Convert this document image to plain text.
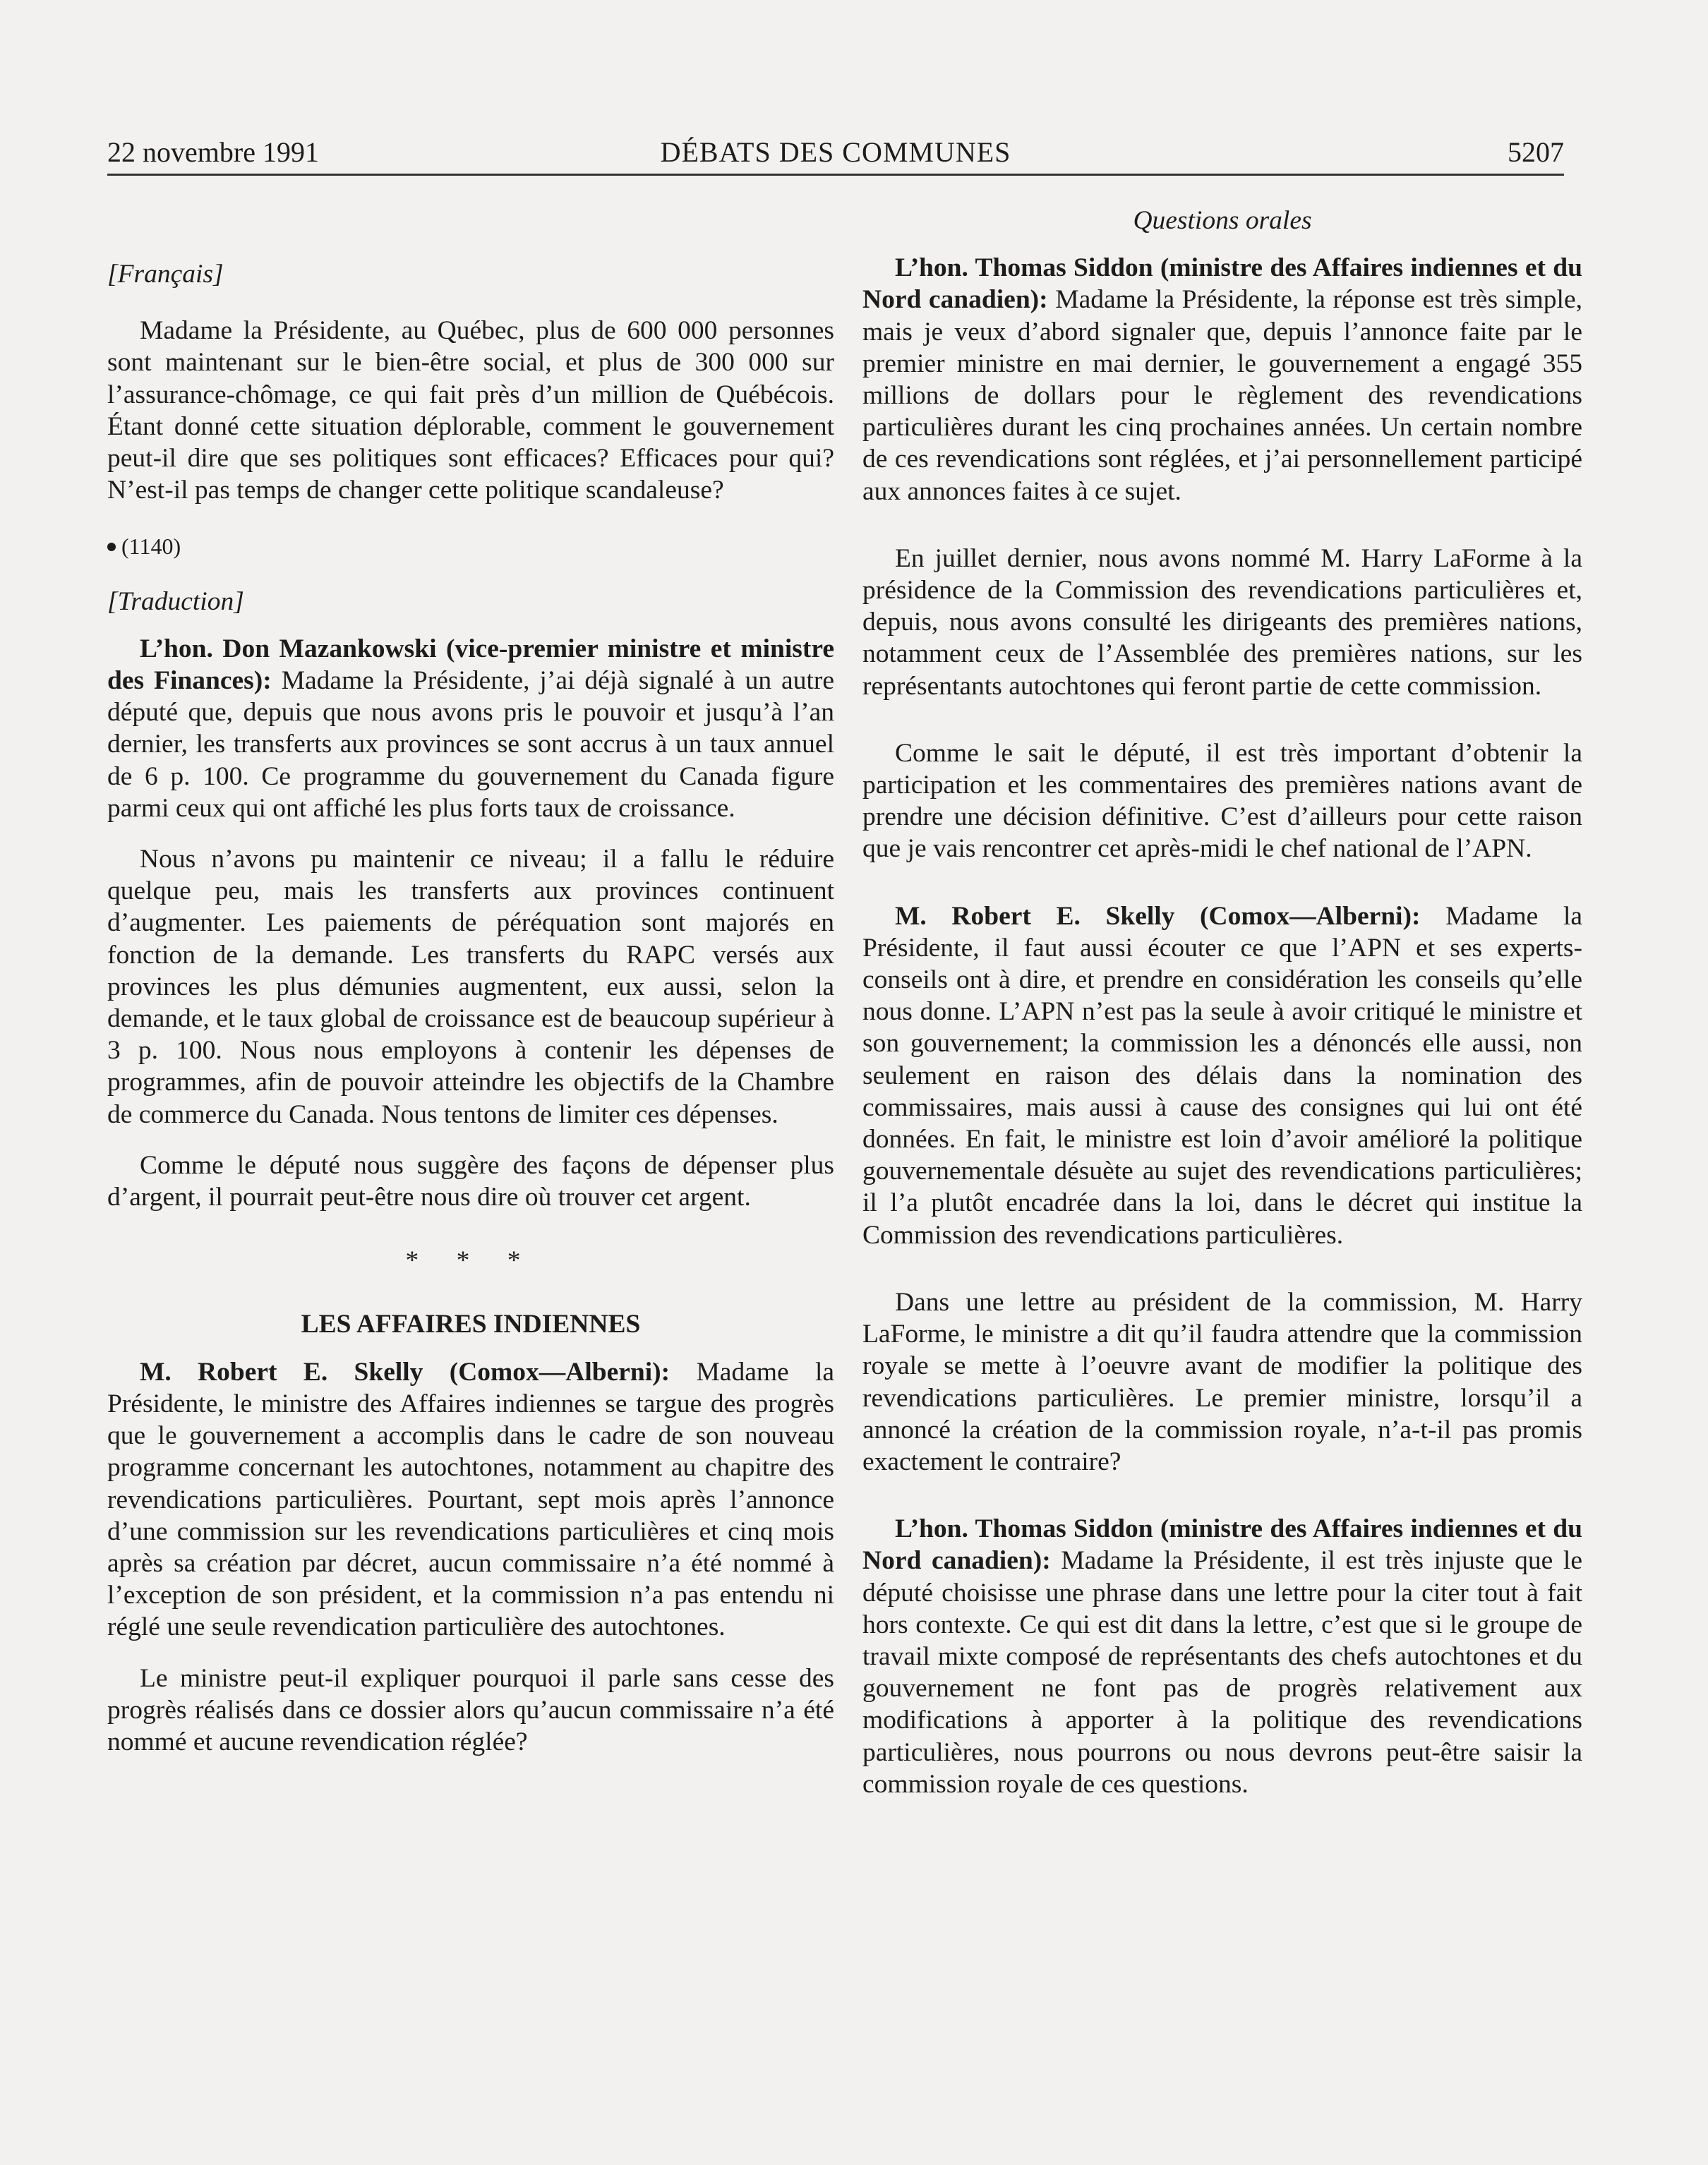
22 novembre 1991	DÉBATS DES COMMUNES	5207

[Français]

Madame la Présidente, au Québec, plus de 600 000 personnes sont maintenant sur le bien-être social, et plus de 300 000 sur l’assurance-chômage, ce qui fait près d’un million de Québécois. Étant donné cette situation déplorable, comment le gouvernement peut-il dire que ses politiques sont efficaces? Efficaces pour qui? N’est-il pas temps de changer cette politique scandaleuse?

(1140)

[Traduction]

L’hon. Don Mazankowski (vice-premier ministre et ministre des Finances): Madame la Présidente, j’ai déjà signalé à un autre député que, depuis que nous avons pris le pouvoir et jusqu’à l’an dernier, les transferts aux provinces se sont accrus à un taux annuel de 6 p. 100. Ce programme du gouvernement du Canada figure parmi ceux qui ont affiché les plus forts taux de croissance.

Nous n’avons pu maintenir ce niveau; il a fallu le réduire quelque peu, mais les transferts aux provinces continuent d’augmenter. Les paiements de péréquation sont majorés en fonction de la demande. Les transferts du RAPC versés aux provinces les plus démunies augmentent, eux aussi, selon la demande, et le taux global de croissance est de beaucoup supérieur à 3 p. 100. Nous nous employons à contenir les dépenses de programmes, afin de pouvoir atteindre les objectifs de la Chambre de commerce du Canada. Nous tentons de limiter ces dépenses.

Comme le député nous suggère des façons de dépenser plus d’argent, il pourrait peut-être nous dire où trouver cet argent.

* * *

LES AFFAIRES INDIENNES

M. Robert E. Skelly (Comox—Alberni): Madame la Présidente, le ministre des Affaires indiennes se targue des progrès que le gouvernement a accomplis dans le cadre de son nouveau programme concernant les autochtones, notamment au chapitre des revendications particulières. Pourtant, sept mois après l’annonce d’une commission sur les revendications particulières et cinq mois après sa création par décret, aucun commissaire n’a été nommé à l’exception de son président, et la commission n’a pas entendu ni réglé une seule revendication particulière des autochtones.

Le ministre peut-il expliquer pourquoi il parle sans cesse des progrès réalisés dans ce dossier alors qu’aucun commissaire n’a été nommé et aucune revendication réglée?

Questions orales

L’hon. Thomas Siddon (ministre des Affaires indiennes et du Nord canadien): Madame la Présidente, la réponse est très simple, mais je veux d’abord signaler que, depuis l’annonce faite par le premier ministre en mai dernier, le gouvernement a engagé 355 millions de dollars pour le règlement des revendications particulières durant les cinq prochaines années. Un certain nombre de ces revendications sont réglées, et j’ai personnellement participé aux annonces faites à ce sujet.

En juillet dernier, nous avons nommé M. Harry LaForme à la présidence de la Commission des revendications particulières et, depuis, nous avons consulté les dirigeants des premières nations, notamment ceux de l’Assemblée des premières nations, sur les représentants autochtones qui feront partie de cette commission.

Comme le sait le député, il est très important d’obtenir la participation et les commentaires des premières nations avant de prendre une décision définitive. C’est d’ailleurs pour cette raison que je vais rencontrer cet après-midi le chef national de l’APN.

M. Robert E. Skelly (Comox—Alberni): Madame la Présidente, il faut aussi écouter ce que l’APN et ses experts-conseils ont à dire, et prendre en considération les conseils qu’elle nous donne. L’APN n’est pas la seule à avoir critiqué le ministre et son gouvernement; la commission les a dénoncés elle aussi, non seulement en raison des délais dans la nomination des commissaires, mais aussi à cause des consignes qui lui ont été données. En fait, le ministre est loin d’avoir amélioré la politique gouvernementale désuète au sujet des revendications particulières; il l’a plutôt encadrée dans la loi, dans le décret qui institue la Commission des revendications particulières.

Dans une lettre au président de la commission, M. Harry LaForme, le ministre a dit qu’il faudra attendre que la commission royale se mette à l’oeuvre avant de modifier la politique des revendications particulières. Le premier ministre, lorsqu’il a annoncé la création de la commission royale, n’a-t-il pas promis exactement le contraire?

L’hon. Thomas Siddon (ministre des Affaires indiennes et du Nord canadien): Madame la Présidente, il est très injuste que le député choisisse une phrase dans une lettre pour la citer tout à fait hors contexte. Ce qui est dit dans la lettre, c’est que si le groupe de travail mixte composé de représentants des chefs autochtones et du gouvernement ne font pas de progrès relativement aux modifications à apporter à la politique des revendications particulières, nous pourrons ou nous devrons peut-être saisir la commission royale de ces questions.
